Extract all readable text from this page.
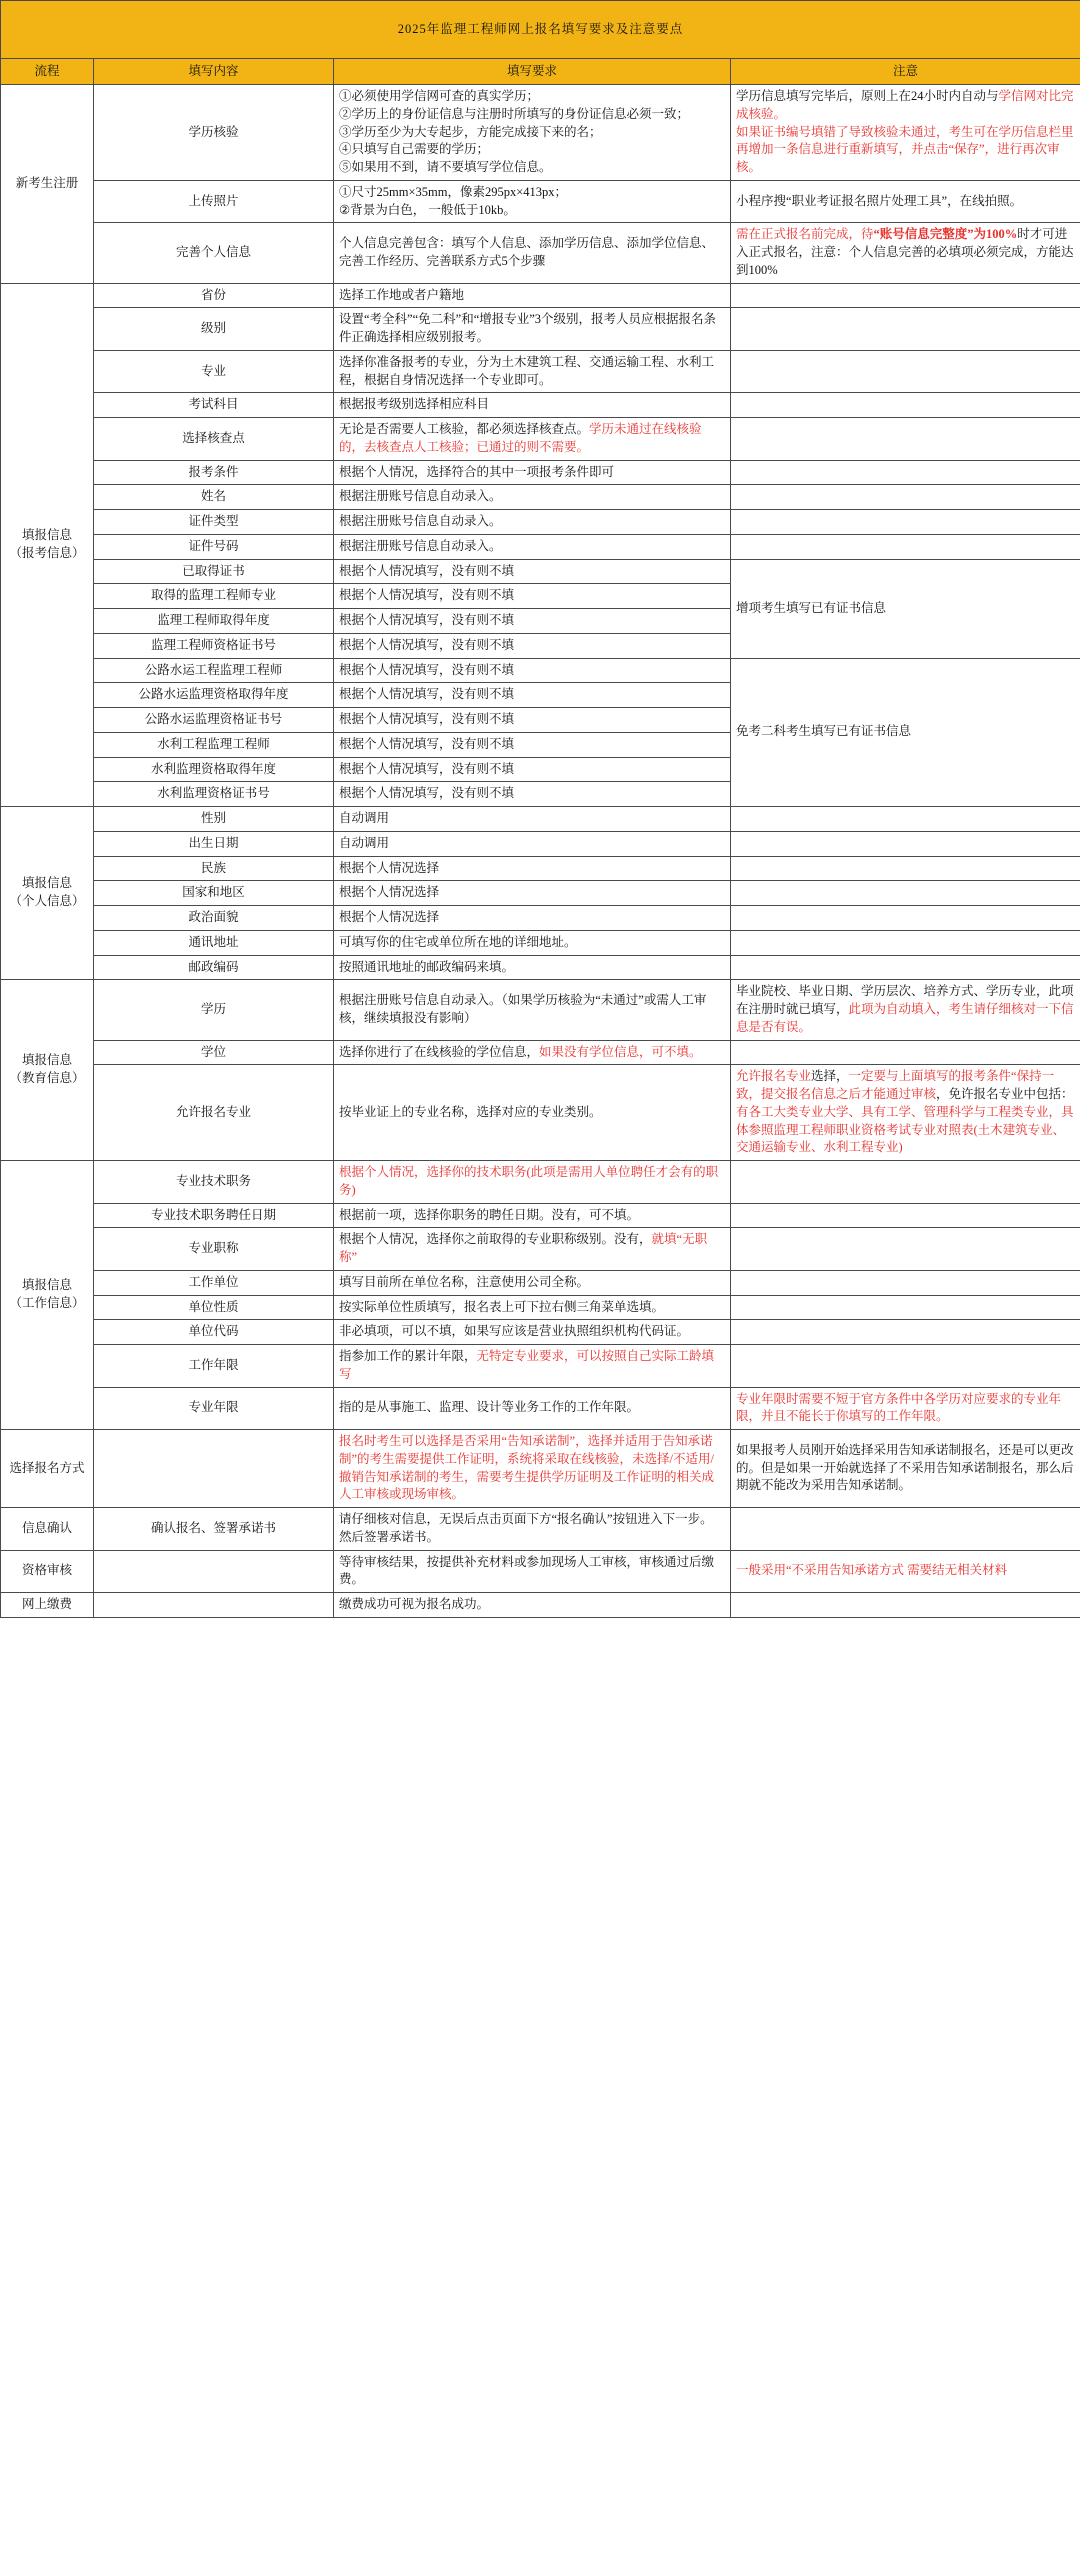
2025年监理工程师网上报名填写要求及注意要点			
流程	填写内容	填写要求	注意
新考生注册	学历核验	①必须使用学信网可查的真实学历；
②学历上的身份证信息与注册时所填写的身份证信息必须一致；
③学历至少为大专起步，方能完成接下来的名；
④只填写自己需要的学历；
⑤如果用不到，请不要填写学位信息。	学历信息填写完毕后，原则上在24小时内自动与学信网对比完成核验。
如果证书编号填错了导致核验未通过，考生可在学历信息栏里再增加一条信息进行重新填写，并点击“保存”，进行再次审核。
	上传照片	①尺寸25mm×35mm，像素295px×413px；
②背景为白色， 一般低于10kb。	小程序搜“职业考证报名照片处理工具”，在线拍照。
	完善个人信息	个人信息完善包含：填写个人信息、添加学历信息、添加学位信息、完善工作经历、完善联系方式5个步骤	需在正式报名前完成，待“账号信息完整度”为100%时才可进入正式报名，注意：个人信息完善的必填项必须完成，方能达到100%
填报信息
（报考信息）	省份	选择工作地或者户籍地	
	级别	设置“考全科”“免二科”和“增报专业”3个级别，报考人员应根据报名条件正确选择相应级别报考。	
	专业	选择你准备报考的专业，分为土木建筑工程、交通运输工程、水利工程，根据自身情况选择一个专业即可。	
	考试科目	根据报考级别选择相应科目	
	选择核查点	无论是否需要人工核验，都必须选择核查点。学历未通过在线核验的，去核查点人工核验；已通过的则不需要。	
	报考条件	根据个人情况，选择符合的其中一项报考条件即可	
	姓名	根据注册账号信息自动录入。	
	证件类型	根据注册账号信息自动录入。	
	证件号码	根据注册账号信息自动录入。	
	已取得证书	根据个人情况填写，没有则不填	增项考生填写已有证书信息
	取得的监理工程师专业	根据个人情况填写，没有则不填	
	监理工程师取得年度	根据个人情况填写，没有则不填	
	监理工程师资格证书号	根据个人情况填写，没有则不填	
	公路水运工程监理工程师	根据个人情况填写，没有则不填	免考二科考生填写已有证书信息
	公路水运监理资格取得年度	根据个人情况填写，没有则不填	
	公路水运监理资格证书号	根据个人情况填写，没有则不填	
	水利工程监理工程师	根据个人情况填写，没有则不填	
	水利监理资格取得年度	根据个人情况填写，没有则不填	
	水利监理资格证书号	根据个人情况填写，没有则不填	
填报信息
（个人信息）	性别	自动调用	
	出生日期	自动调用	
	民族	根据个人情况选择	
	国家和地区	根据个人情况选择	
	政治面貌	根据个人情况选择	
	通讯地址	可填写你的住宅或单位所在地的详细地址。	
	邮政编码	按照通讯地址的邮政编码来填。	
填报信息
（教育信息）	学历	根据注册账号信息自动录入。（如果学历核验为“未通过”或需人工审核，继续填报没有影响）	毕业院校、毕业日期、学历层次、培养方式、学历专业，此项在注册时就已填写，此项为自动填入，考生请仔细核对一下信息是否有误。
	学位	选择你进行了在线核验的学位信息，如果没有学位信息，可不填。	
	允许报名专业	按毕业证上的专业名称，选择对应的专业类别。	允许报名专业选择，一定要与上面填写的报考条件“保持一致，提交报名信息之后才能通过审核，免许报名专业中包括：有各工大类专业大学、具有工学、管理科学与工程类专业，具体参照监理工程师职业资格考试专业对照表(土木建筑专业、交通运输专业、水利工程专业)
填报信息
（工作信息）	专业技术职务	根据个人情况，选择你的技术职务(此项是需用人单位聘任才会有的职务)	
	专业技术职务聘任日期	根据前一项，选择你职务的聘任日期。没有，可不填。	
	专业职称	根据个人情况，选择你之前取得的专业职称级别。没有，就填“无职称”	
	工作单位	填写目前所在单位名称，注意使用公司全称。	
	单位性质	按实际单位性质填写，报名表上可下拉右侧三角菜单选填。	
	单位代码	非必填项，可以不填，如果写应该是营业执照组织机构代码证。	
	工作年限	指参加工作的累计年限，无特定专业要求，可以按照自己实际工龄填写	
	专业年限	指的是从事施工、监理、设计等业务工作的工作年限。	专业年限时需要不短于官方条件中各学历对应要求的专业年限，并且不能长于你填写的工作年限。
选择报名方式		报名时考生可以选择是否采用“告知承诺制”，选择并适用于告知承诺制”的考生需要提供工作证明，系统将采取在线核验，未选择/不适用/撤销告知承诺制的考生，需要考生提供学历证明及工作证明的相关成人工审核或现场审核。	如果报考人员刚开始选择采用告知承诺制报名，还是可以更改的。但是如果一开始就选择了不采用告知承诺制报名，那么后期就不能改为采用告知承诺制。
信息确认	确认报名、签署承诺书	请仔细核对信息，无误后点击页面下方“报名确认”按钮进入下一步。然后签署承诺书。	
资格审核		等待审核结果，按提供补充材料或参加现场人工审核，审核通过后缴费。	一般采用“不采用告知承诺方式 需要结无相关材料
网上缴费		缴费成功可视为报名成功。	
